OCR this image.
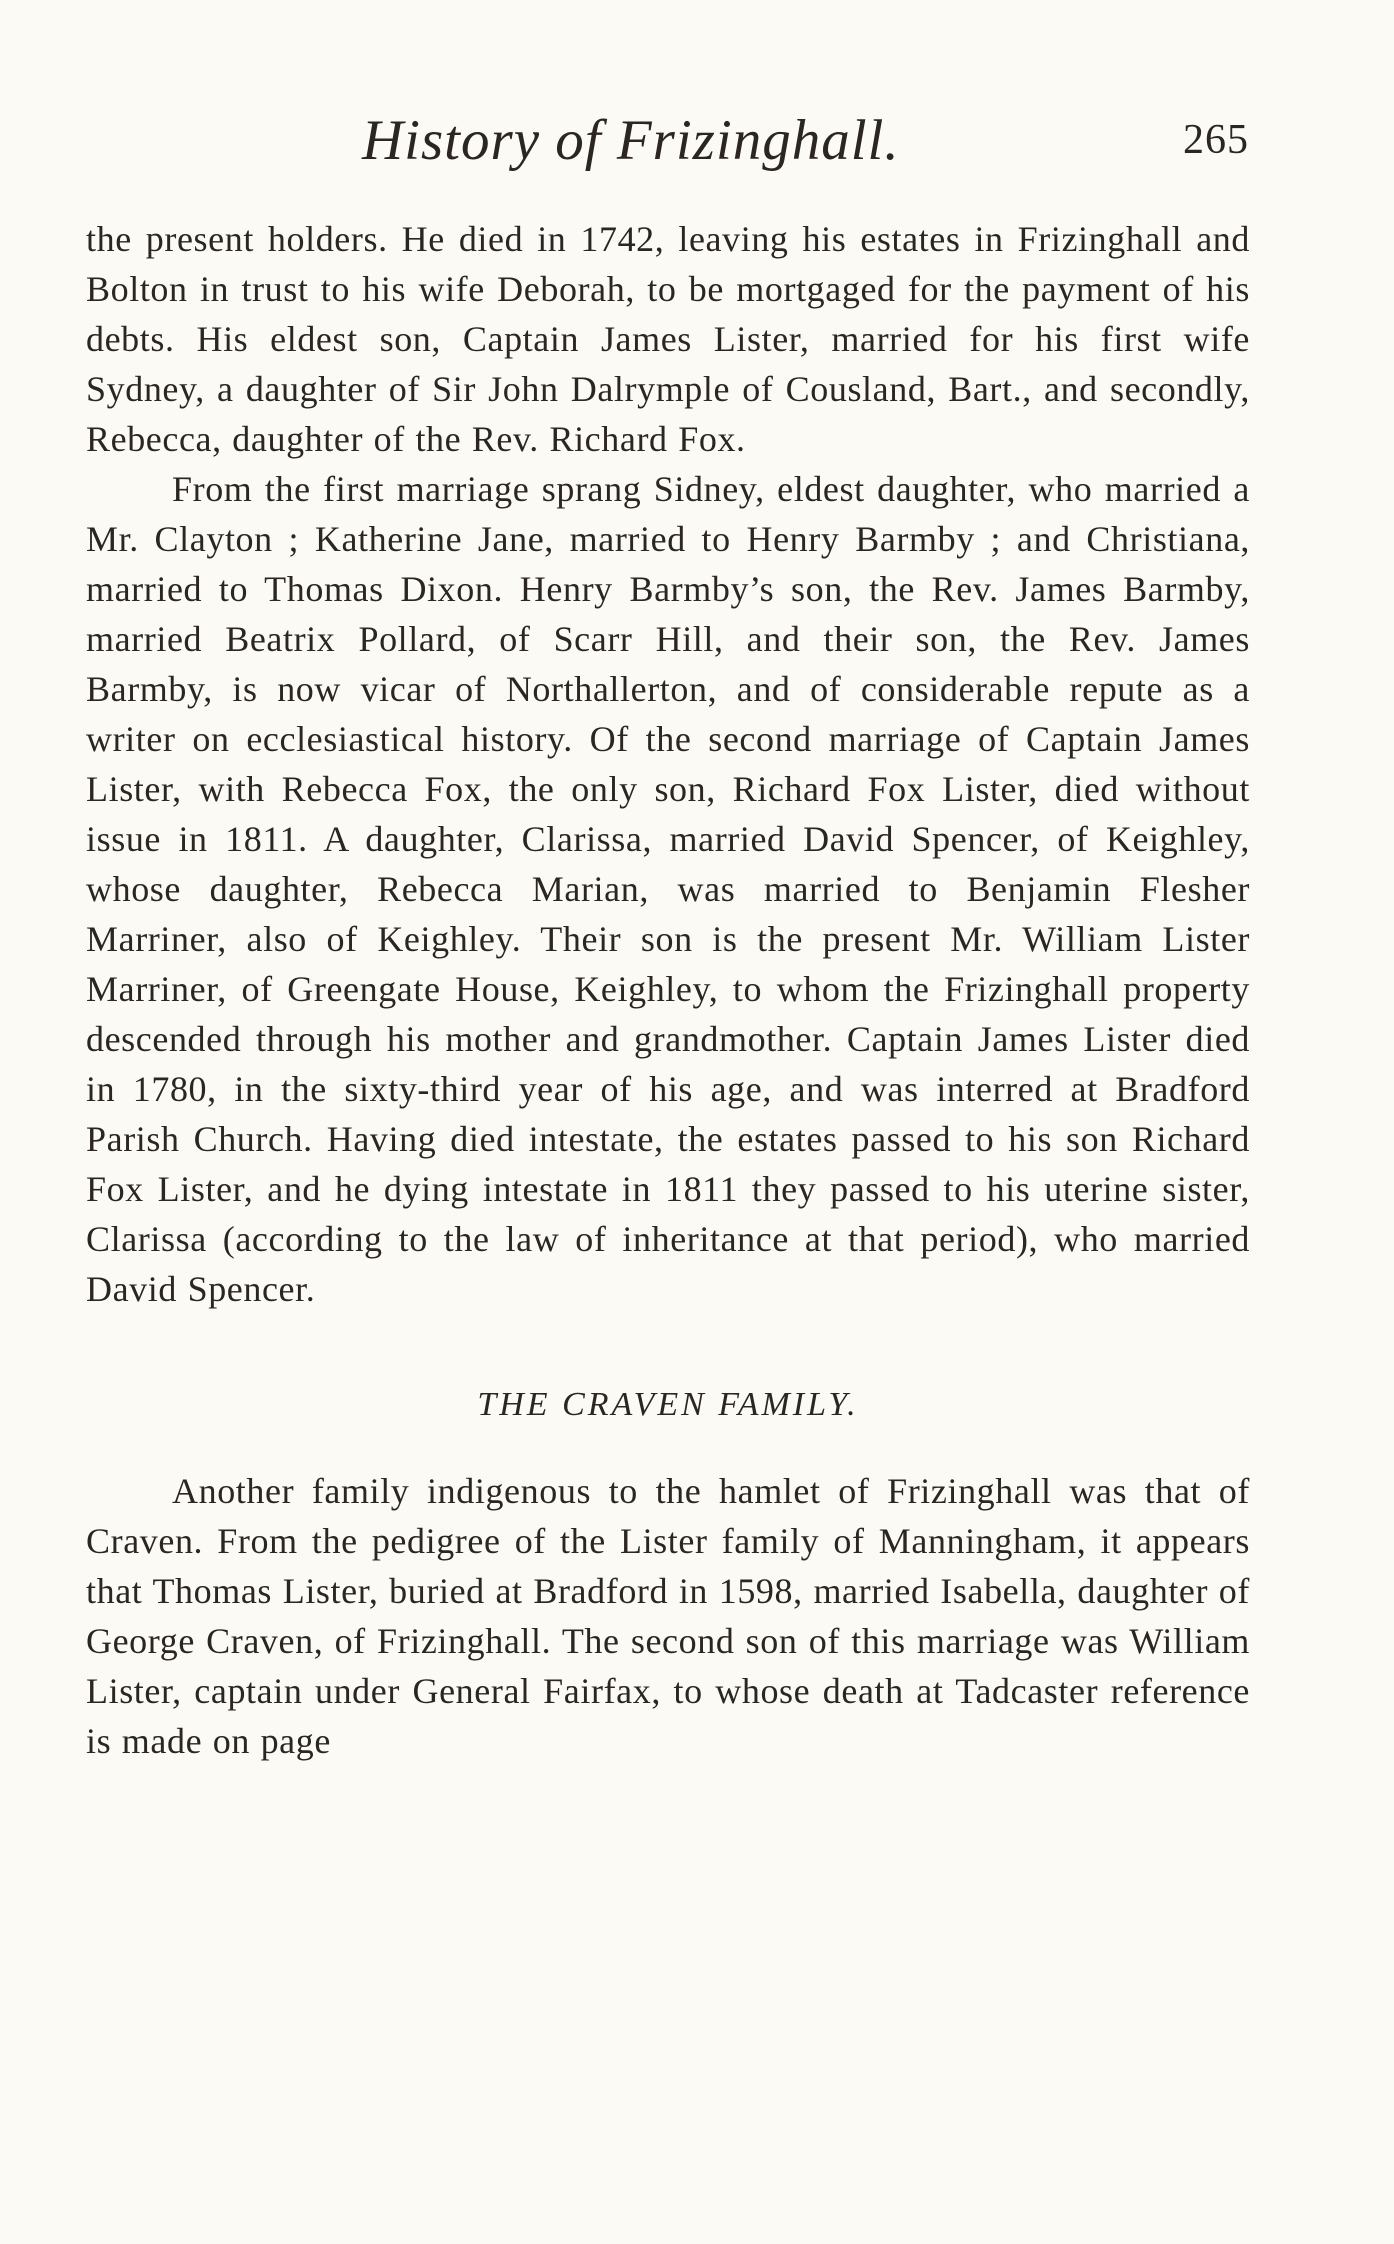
History of Frizinghall.	265

the present holders. He died in 1742, leaving his estates in Frizinghall and Bolton in trust to his wife Deborah, to be mortgaged for the payment of his debts. His eldest son, Captain James Lister, married for his first wife Sydney, a daughter of Sir John Dalrymple of Cousland, Bart., and secondly, Rebecca, daughter of the Rev. Richard Fox.

From the first marriage sprang Sidney, eldest daughter, who married a Mr. Clayton ; Katherine Jane, married to Henry Barmby ; and Christiana, married to Thomas Dixon. Henry Barmby’s son, the Rev. James Barmby, married Beatrix Pollard, of Scarr Hill, and their son, the Rev. James Barmby, is now vicar of Northallerton, and of considerable repute as a writer on ecclesiastical history. Of the second marriage of Captain James Lister, with Rebecca Fox, the only son, Richard Fox Lister, died without issue in 1811. A daughter, Clarissa, married David Spencer, of Keighley, whose daughter, Rebecca Marian, was married to Benjamin Flesher Marriner, also of Keighley. Their son is the present Mr. William Lister Marriner, of Greengate House, Keighley, to whom the Frizinghall property descended through his mother and grandmother. Captain James Lister died in 1780, in the sixty-third year of his age, and was interred at Bradford Parish Church. Having died intestate, the estates passed to his son Richard Fox Lister, and he dying intestate in 1811 they passed to his uterine sister, Clarissa (according to the law of inheritance at that period), who married David Spencer.

THE CRAVEN FAMILY.

Another family indigenous to the hamlet of Frizinghall was that of Craven. From the pedigree of the Lister family of Manningham, it appears that Thomas Lister, buried at Bradford in 1598, married Isabella, daughter of George Craven, of Frizinghall. The second son of this marriage was William Lister, captain under General Fairfax, to whose death at Tadcaster reference is made on page
